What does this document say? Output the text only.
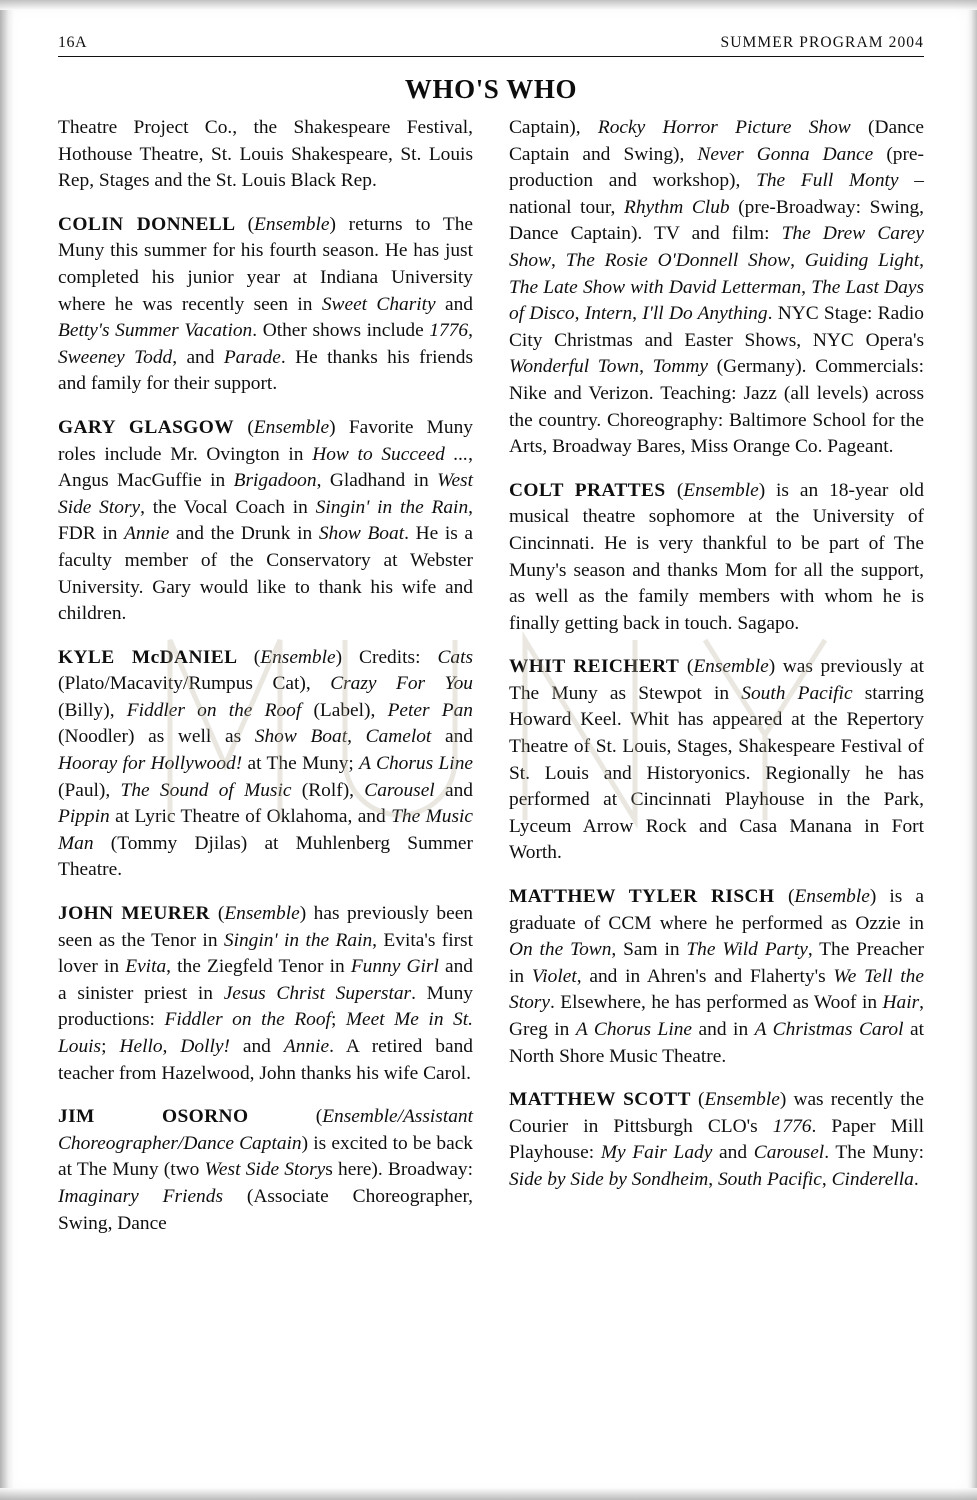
16A	SUMMER PROGRAM 2004
WHO'S WHO

Theatre Project Co., the Shakespeare Festival, Hothouse Theatre, St. Louis Shakespeare, St. Louis Rep, Stages and the St. Louis Black Rep.

COLIN DONNELL (Ensemble) returns to The Muny this summer for his fourth season. He has just completed his junior year at Indiana University where he was recently seen in Sweet Charity and Betty's Summer Vacation. Other shows include 1776, Sweeney Todd, and Parade. He thanks his friends and family for their support.

GARY GLASGOW (Ensemble) Favorite Muny roles include Mr. Ovington in How to Succeed ..., Angus MacGuffie in Brigadoon, Gladhand in West Side Story, the Vocal Coach in Singin' in the Rain, FDR in Annie and the Drunk in Show Boat. He is a faculty member of the Conservatory at Webster University. Gary would like to thank his wife and children.

KYLE McDANIEL (Ensemble) Credits: Cats (Plato/Macavity/Rumpus Cat), Crazy For You (Billy), Fiddler on the Roof (Label), Peter Pan (Noodler) as well as Show Boat, Camelot and Hooray for Hollywood! at The Muny; A Chorus Line (Paul), The Sound of Music (Rolf), Carousel and Pippin at Lyric Theatre of Oklahoma, and The Music Man (Tommy Djilas) at Muhlenberg Summer Theatre.

JOHN MEURER (Ensemble) has previously been seen as the Tenor in Singin' in the Rain, Evita's first lover in Evita, the Ziegfeld Tenor in Funny Girl and a sinister priest in Jesus Christ Superstar. Muny productions: Fiddler on the Roof; Meet Me in St. Louis; Hello, Dolly! and Annie. A retired band teacher from Hazelwood, John thanks his wife Carol.

JIM OSORNO (Ensemble/Assistant Choreographer/Dance Captain) is excited to be back at The Muny (two West Side Storys here). Broadway: Imaginary Friends (Associate Choreographer, Swing, Dance

Captain), Rocky Horror Picture Show (Dance Captain and Swing), Never Gonna Dance (pre-production and workshop), The Full Monty – national tour, Rhythm Club (pre-Broadway: Swing, Dance Captain). TV and film: The Drew Carey Show, The Rosie O'Donnell Show, Guiding Light, The Late Show with David Letterman, The Last Days of Disco, Intern, I'll Do Anything. NYC Stage: Radio City Christmas and Easter Shows, NYC Opera's Wonderful Town, Tommy (Germany). Commercials: Nike and Verizon. Teaching: Jazz (all levels) across the country. Choreography: Baltimore School for the Arts, Broadway Bares, Miss Orange Co. Pageant.

COLT PRATTES (Ensemble) is an 18-year old musical theatre sophomore at the University of Cincinnati. He is very thankful to be part of The Muny's season and thanks Mom for all the support, as well as the family members with whom he is finally getting back in touch. Sagapo.

WHIT REICHERT (Ensemble) was previously at The Muny as Stewpot in South Pacific starring Howard Keel. Whit has appeared at the Repertory Theatre of St. Louis, Stages, Shakespeare Festival of St. Louis and Historyonics. Regionally he has performed at Cincinnati Playhouse in the Park, Lyceum Arrow Rock and Casa Manana in Fort Worth.

MATTHEW TYLER RISCH (Ensemble) is a graduate of CCM where he performed as Ozzie in On the Town, Sam in The Wild Party, The Preacher in Violet, and in Ahren's and Flaherty's We Tell the Story. Elsewhere, he has performed as Woof in Hair, Greg in A Chorus Line and in A Christmas Carol at North Shore Music Theatre.

MATTHEW SCOTT (Ensemble) was recently the Courier in Pittsburgh CLO's 1776. Paper Mill Playhouse: My Fair Lady and Carousel. The Muny: Side by Side by Sondheim, South Pacific, Cinderella.
